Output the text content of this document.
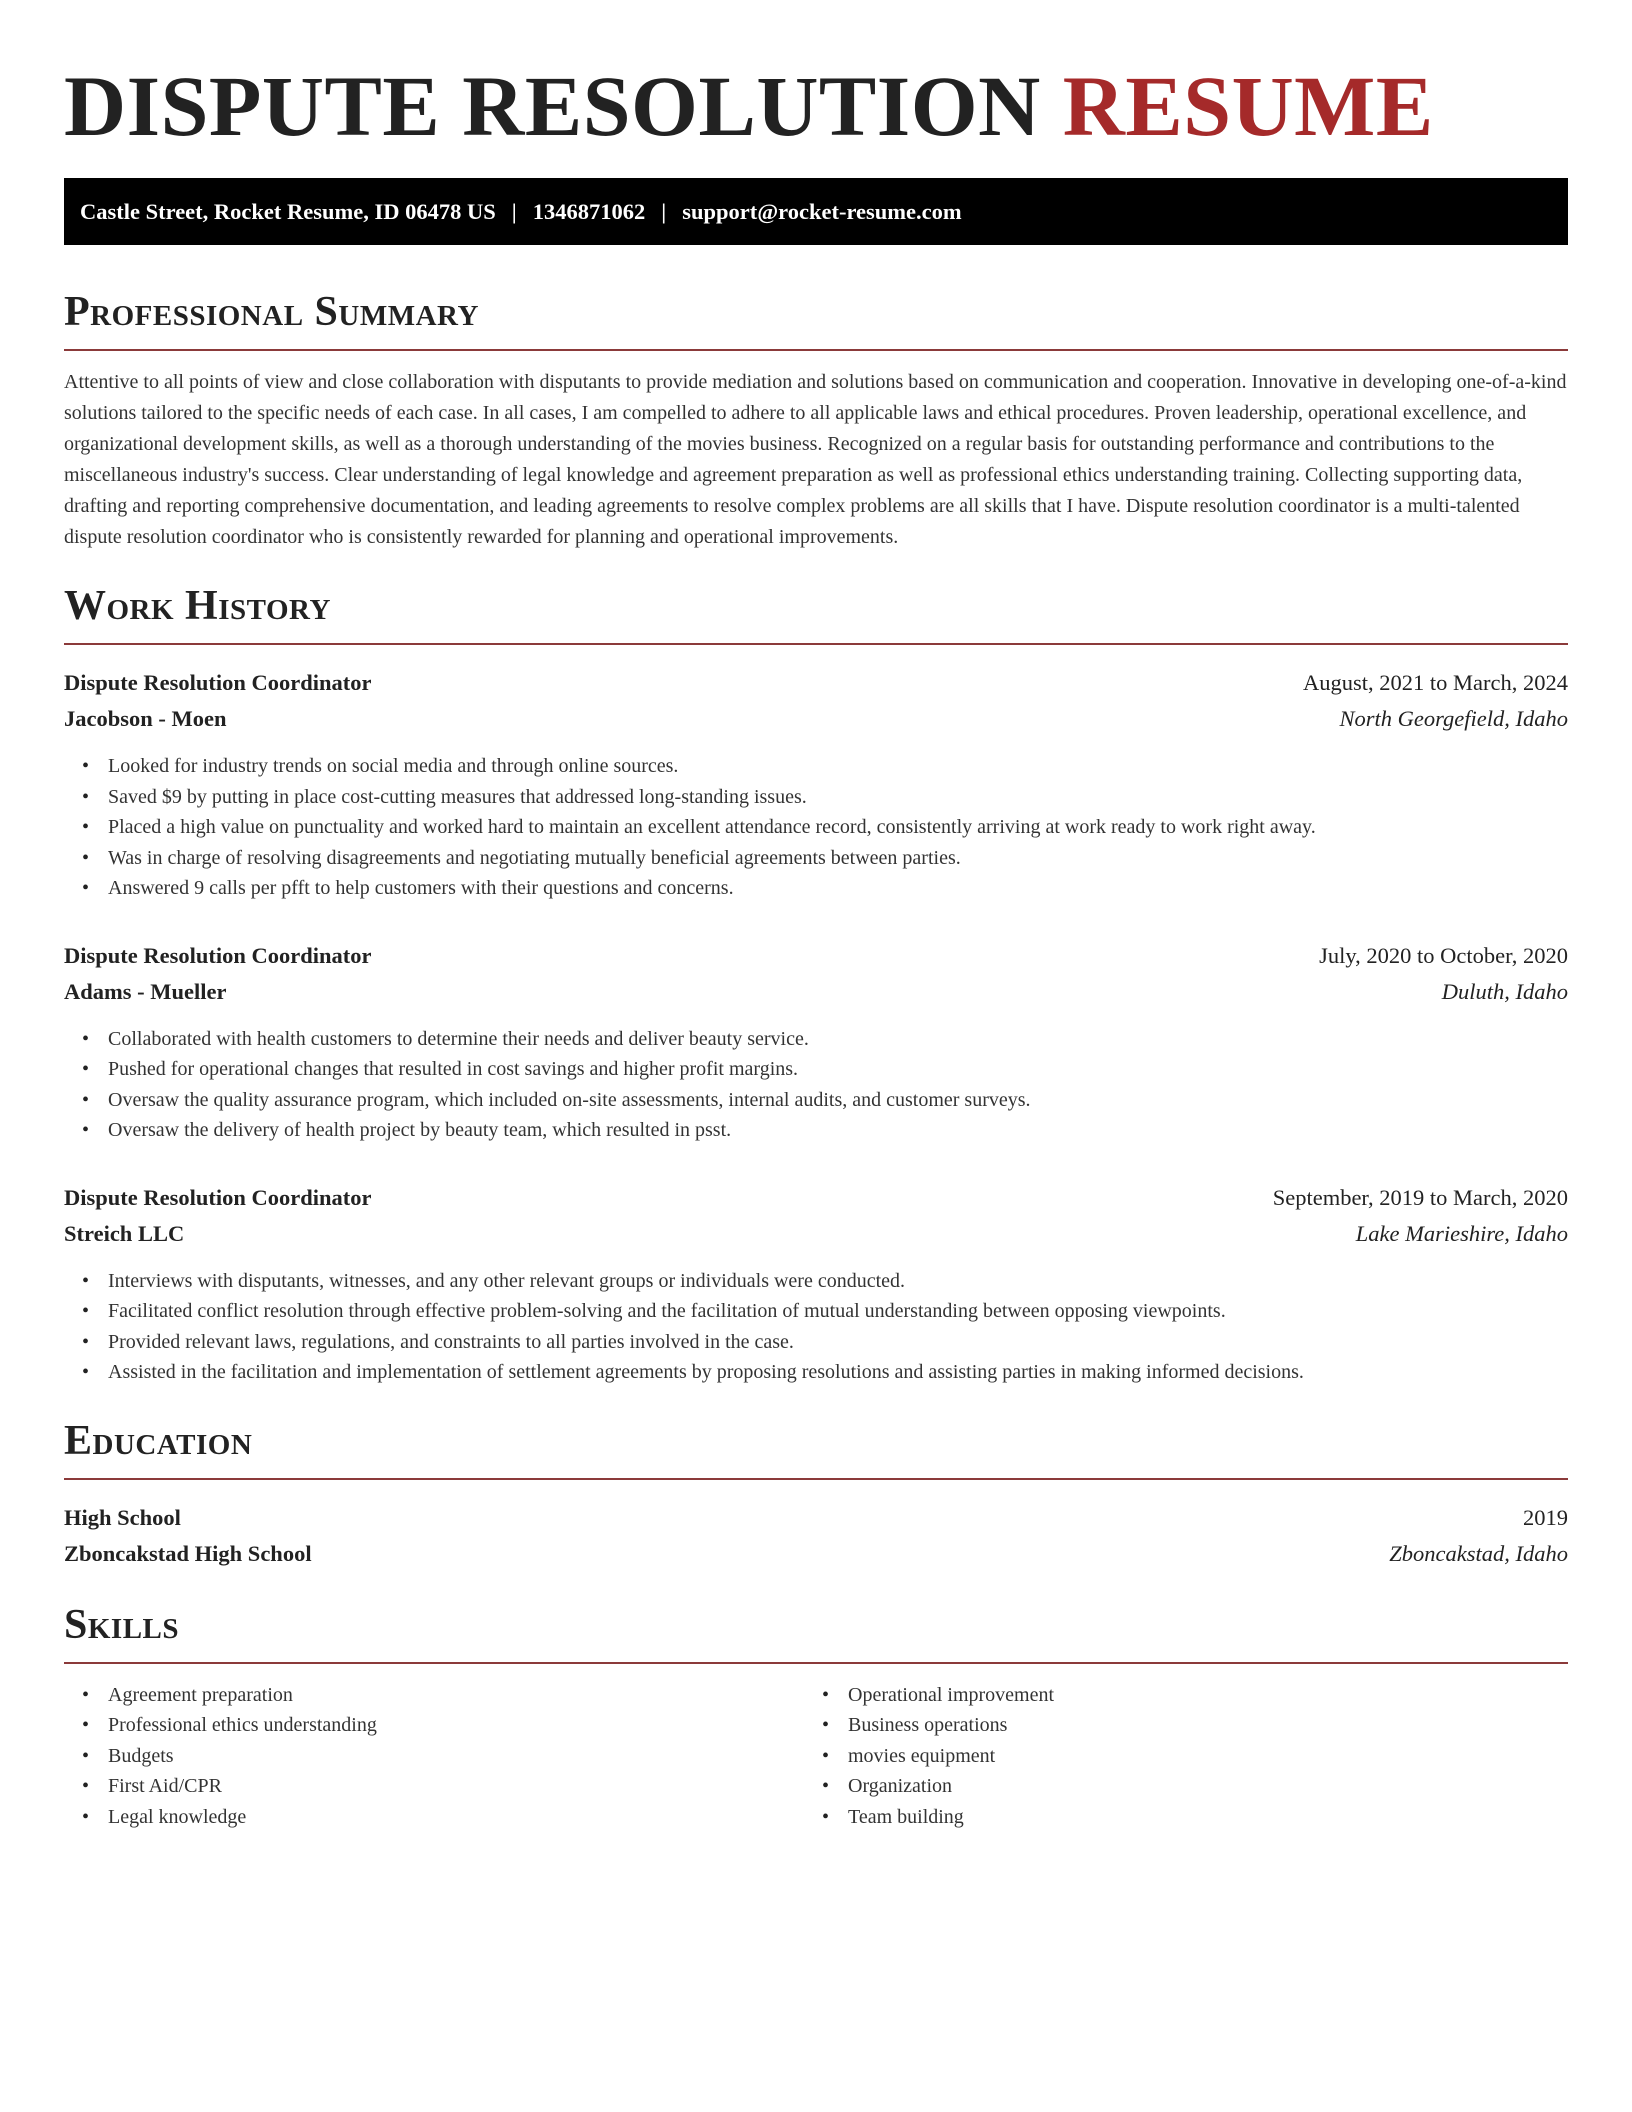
DISPUTE RESOLUTION RESUME
Castle Street, Rocket Resume, ID 06478 US | 1346871062 | support@rocket-resume.com
Professional Summary

Attentive to all points of view and close collaboration with disputants to provide mediation and solutions based on communication and cooperation. Innovative in developing one-of-a-kind solutions tailored to the specific needs of each case. In all cases, I am compelled to adhere to all applicable laws and ethical procedures. Proven leadership, operational excellence, and organizational development skills, as well as a thorough understanding of the movies business. Recognized on a regular basis for outstanding performance and contributions to the miscellaneous industry's success. Clear understanding of legal knowledge and agreement preparation as well as professional ethics understanding training. Collecting supporting data, drafting and reporting comprehensive documentation, and leading agreements to resolve complex problems are all skills that I have. Dispute resolution coordinator is a multi-talented dispute resolution coordinator who is consistently rewarded for planning and operational improvements.

Work History
Dispute Resolution Coordinator	August, 2021 to March, 2024
Jacobson - Moen	North Georgefield, Idaho
• Looked for industry trends on social media and through online sources.
• Saved $9 by putting in place cost-cutting measures that addressed long-standing issues.
• Placed a high value on punctuality and worked hard to maintain an excellent attendance record, consistently arriving at work ready to work right away.
• Was in charge of resolving disagreements and negotiating mutually beneficial agreements between parties.
• Answered 9 calls per pfft to help customers with their questions and concerns.
Dispute Resolution Coordinator	July, 2020 to October, 2020
Adams - Mueller	Duluth, Idaho
• Collaborated with health customers to determine their needs and deliver beauty service.
• Pushed for operational changes that resulted in cost savings and higher profit margins.
• Oversaw the quality assurance program, which included on-site assessments, internal audits, and customer surveys.
• Oversaw the delivery of health project by beauty team, which resulted in psst.
Dispute Resolution Coordinator	September, 2019 to March, 2020
Streich LLC	Lake Marieshire, Idaho
• Interviews with disputants, witnesses, and any other relevant groups or individuals were conducted.
• Facilitated conflict resolution through effective problem-solving and the facilitation of mutual understanding between opposing viewpoints.
• Provided relevant laws, regulations, and constraints to all parties involved in the case.
• Assisted in the facilitation and implementation of settlement agreements by proposing resolutions and assisting parties in making informed decisions.
Education
High School	2019
Zboncakstad High School	Zboncakstad, Idaho
Skills
• Agreement preparation
• Professional ethics understanding
• Budgets
• First Aid/CPR
• Legal knowledge
• Operational improvement
• Business operations
• movies equipment
• Organization
• Team building
